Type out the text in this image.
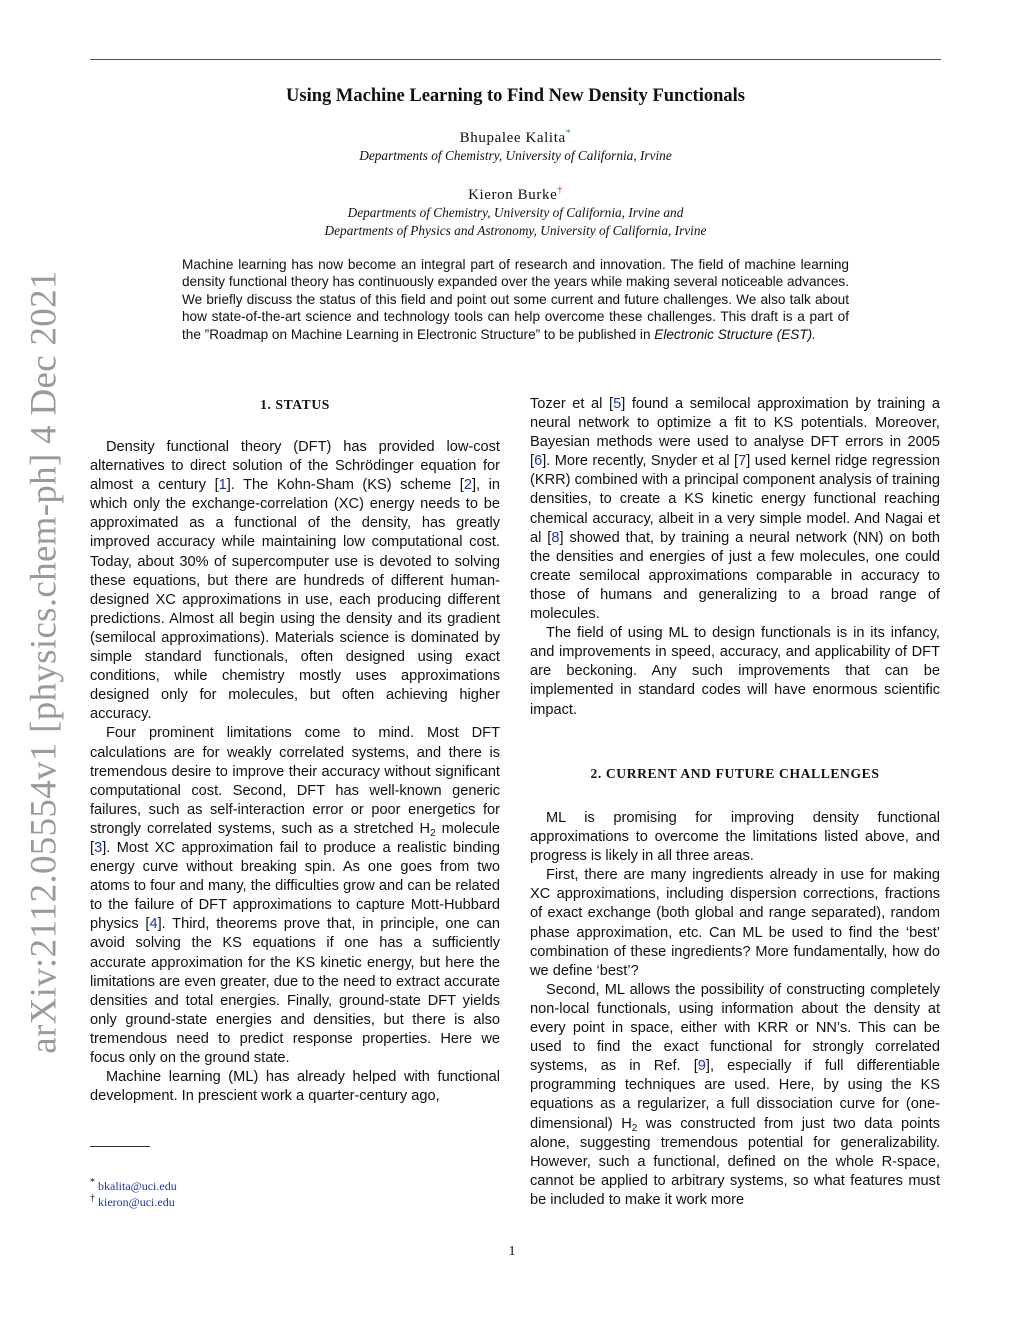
arXiv:2112.05554v1 [physics.chem-ph] 4 Dec 2021
Using Machine Learning to Find New Density Functionals
Bhupalee Kalita*
Departments of Chemistry, University of California, Irvine
Kieron Burke†
Departments of Chemistry, University of California, Irvine and
Departments of Physics and Astronomy, University of California, Irvine
Machine learning has now become an integral part of research and innovation. The field of machine learning density functional theory has continuously expanded over the years while making several noticeable advances. We briefly discuss the status of this field and point out some current and future challenges. We also talk about how state-of-the-art science and technology tools can help overcome these challenges. This draft is a part of the ”Roadmap on Machine Learning in Electronic Structure” to be published in Electronic Structure (EST).
1. STATUS

Density functional theory (DFT) has provided low-cost alternatives to direct solution of the Schrödinger equation for almost a century [1]. The Kohn-Sham (KS) scheme [2], in which only the exchange-correlation (XC) energy needs to be approximated as a functional of the density, has greatly improved accuracy while maintaining low computational cost. Today, about 30% of supercomputer use is devoted to solving these equations, but there are hundreds of different human-designed XC approximations in use, each producing different predictions. Almost all begin using the density and its gradient (semilocal approximations). Materials science is dominated by simple standard functionals, often designed using exact conditions, while chemistry mostly uses approximations designed only for molecules, but often achieving higher accuracy.

Four prominent limitations come to mind. Most DFT calculations are for weakly correlated systems, and there is tremendous desire to improve their accuracy without significant computational cost. Second, DFT has well-known generic failures, such as self-interaction error or poor energetics for strongly correlated systems, such as a stretched $H_2$ molecule [3]. Most XC approximation fail to produce a realistic binding energy curve without breaking spin. As one goes from two atoms to four and many, the difficulties grow and can be related to the failure of DFT approximations to capture Mott-Hubbard physics [4]. Third, theorems prove that, in principle, one can avoid solving the KS equations if one has a sufficiently accurate approximation for the KS kinetic energy, but here the limitations are even greater, due to the need to extract accurate densities and total energies. Finally, ground-state DFT yields only ground-state energies and densities, but there is also tremendous need to predict response properties. Here we focus only on the ground state.

Machine learning (ML) has already helped with functional development. In prescient work a quarter-century ago,

* bkalita@uci.edu
† kieron@uci.edu

Tozer et al [5] found a semilocal approximation by training a neural network to optimize a fit to KS potentials. Moreover, Bayesian methods were used to analyse DFT errors in 2005 [6]. More recently, Snyder et al [7] used kernel ridge regression (KRR) combined with a principal component analysis of training densities, to create a KS kinetic energy functional reaching chemical accuracy, albeit in a very simple model. And Nagai et al [8] showed that, by training a neural network (NN) on both the densities and energies of just a few molecules, one could create semilocal approximations comparable in accuracy to those of humans and generalizing to a broad range of molecules.

The field of using ML to design functionals is in its infancy, and improvements in speed, accuracy, and applicability of DFT are beckoning. Any such improvements that can be implemented in standard codes will have enormous scientific impact.

2. CURRENT AND FUTURE CHALLENGES

ML is promising for improving density functional approximations to overcome the limitations listed above, and progress is likely in all three areas.

First, there are many ingredients already in use for making XC approximations, including dispersion corrections, fractions of exact exchange (both global and range separated), random phase approximation, etc. Can ML be used to find the ‘best’ combination of these ingredients? More fundamentally, how do we define ‘best’?

Second, ML allows the possibility of constructing completely non-local functionals, using information about the density at every point in space, either with KRR or NN’s. This can be used to find the exact functional for strongly correlated systems, as in Ref. [9], especially if full differentiable programming techniques are used. Here, by using the KS equations as a regularizer, a full dissociation curve for (one-dimensional) $H_2$ was constructed from just two data points alone, suggesting tremendous potential for generalizability. However, such a functional, defined on the whole R-space, cannot be applied to arbitrary systems, so what features must be included to make it work more

1
